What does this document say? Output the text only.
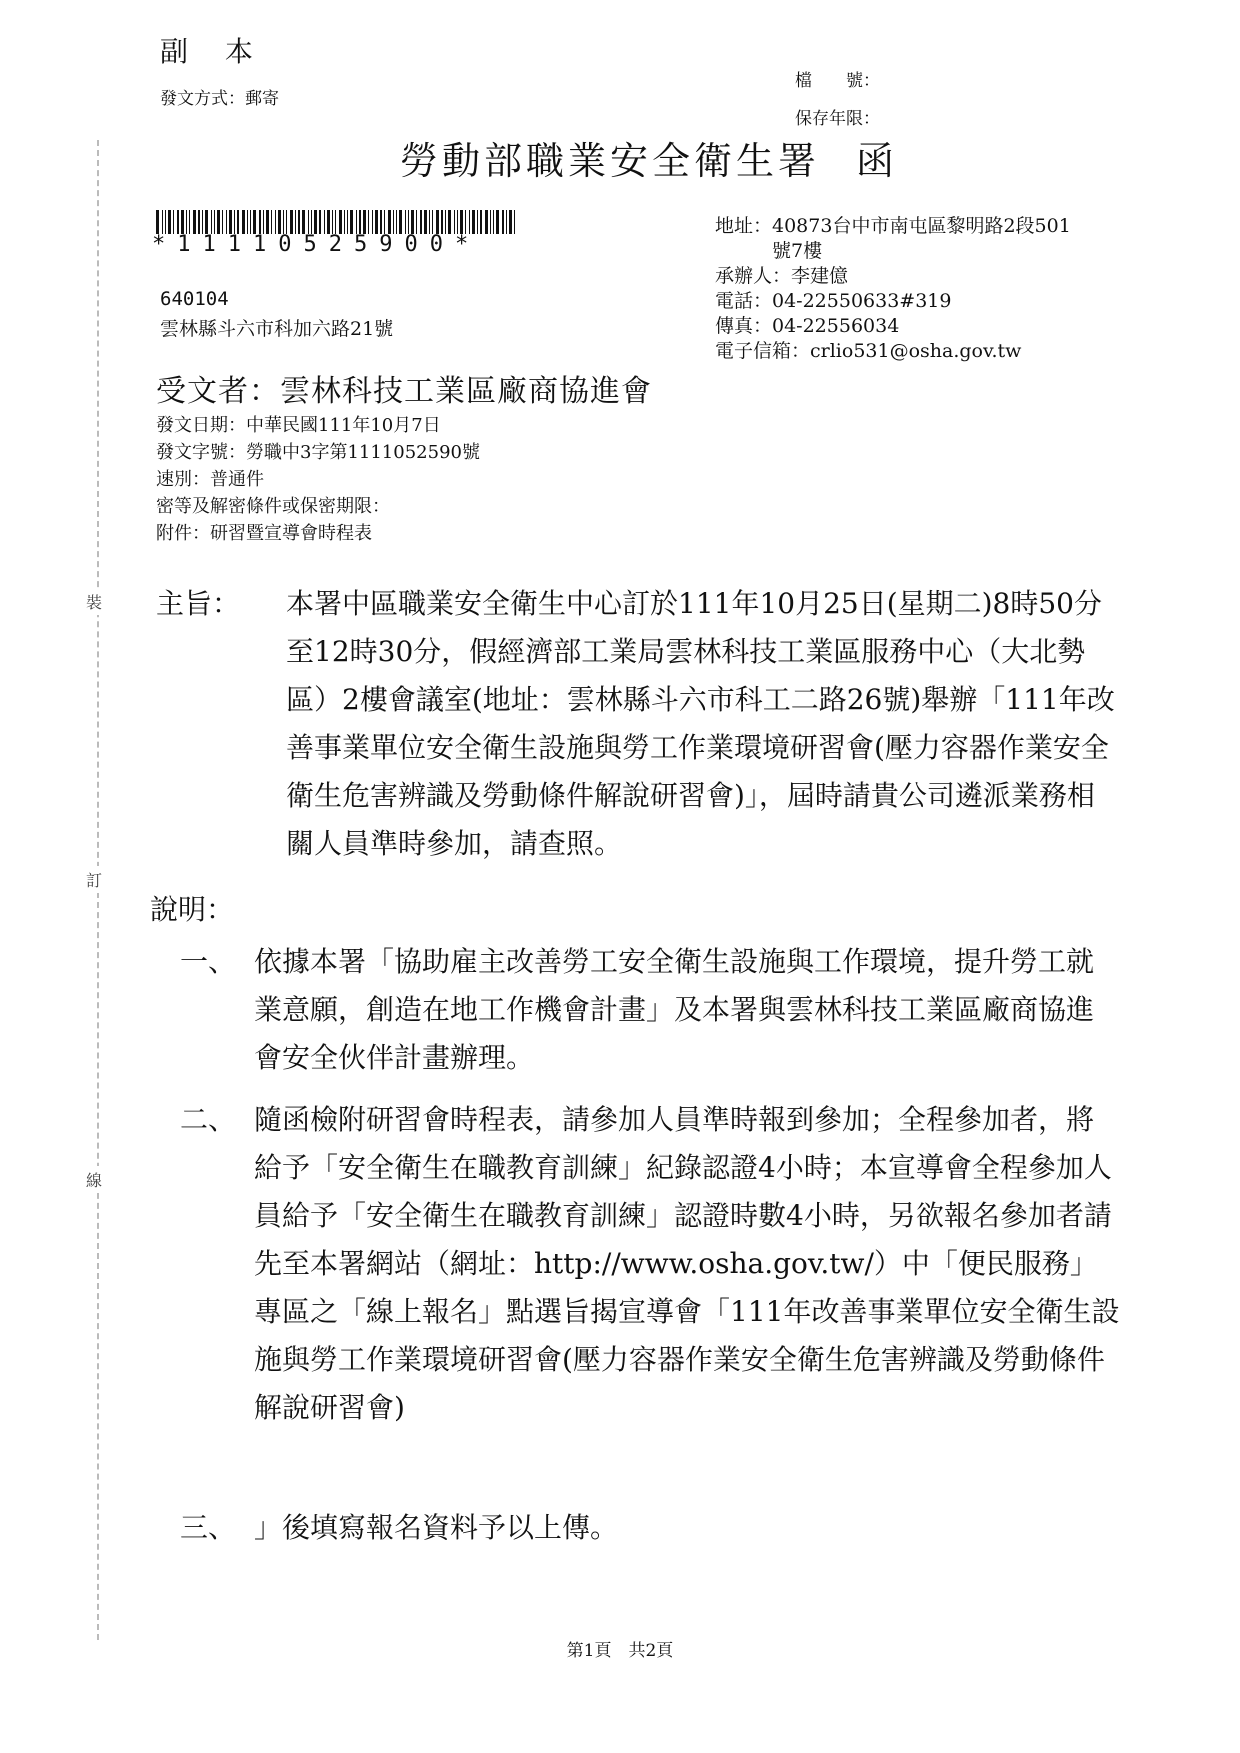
裝
訂
線
副 本
發文方式：郵寄
檔　　號：
保存年限：
勞動部職業安全衛生署 函
*11110525900*
640104
雲林縣斗六市科加六路21號
地址：40873台中市南屯區黎明路2段501
　　　號7樓
承辦人：李建億
電話：04-22550633#319
傳真：04-22556034
電子信箱：crlio531@osha.gov.tw
受文者：雲林科技工業區廠商協進會
發文日期：中華民國111年10月7日
發文字號：勞職中3字第1111052590號
速別：普通件
密等及解密條件或保密期限：
附件：研習暨宣導會時程表
主旨： 本署中區職業安全衛生中心訂於111年10月25日(星期二)8時50分至12時30分，假經濟部工業局雲林科技工業區服務中心（大北勢區）2樓會議室(地址：雲林縣斗六市科工二路26號)舉辦「111年改善事業單位安全衛生設施與勞工作業環境研習會(壓力容器作業安全衛生危害辨識及勞動條件解說研習會)」，屆時請貴公司遴派業務相關人員準時參加，請查照。
說明：
一、 依據本署「協助雇主改善勞工安全衛生設施與工作環境，提升勞工就業意願，創造在地工作機會計畫」及本署與雲林科技工業區廠商協進會安全伙伴計畫辦理。
二、 隨函檢附研習會時程表，請參加人員準時報到參加；全程參加者，將給予「安全衛生在職教育訓練」紀錄認證4小時；本宣導會全程參加人員給予「安全衛生在職教育訓練」認證時數4小時，另欲報名參加者請先至本署網站（網址：http://www.osha.gov.tw/）中「便民服務」專區之「線上報名」點選旨揭宣導會「111年改善事業單位安全衛生設施與勞工作業環境研習會(壓力容器作業安全衛生危害辨識及勞動條件解說研習會)
三、 」後填寫報名資料予以上傳。
第1頁　共2頁
